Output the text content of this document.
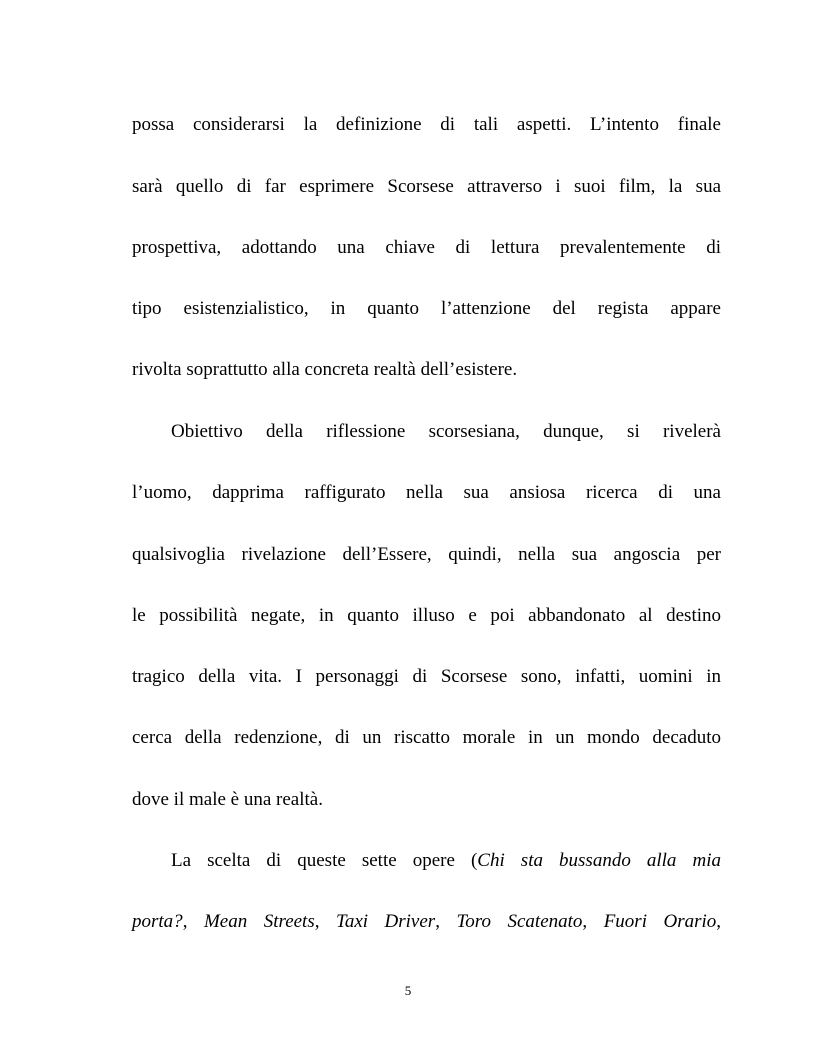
possa considerarsi la definizione di tali aspetti. L’intento finale
sarà quello di far esprimere Scorsese attraverso i suoi film, la sua
prospettiva, adottando una chiave di lettura prevalentemente di
tipo esistenzialistico, in quanto l’attenzione del regista appare
rivolta soprattutto alla concreta realtà dell’esistere.
Obiettivo della riflessione scorsesiana, dunque, si rivelerà
l’uomo, dapprima raffigurato nella sua ansiosa ricerca di una
qualsivoglia rivelazione dell’Essere, quindi, nella sua angoscia per
le possibilità negate, in quanto illuso e poi abbandonato al destino
tragico della vita. I personaggi di Scorsese sono, infatti, uomini in
cerca della redenzione, di un riscatto morale in un mondo decaduto
dove il male è una realtà.
La scelta di queste sette opere (Chi sta bussando alla mia
porta?, Mean Streets, Taxi Driver, Toro Scatenato, Fuori Orario,
5
